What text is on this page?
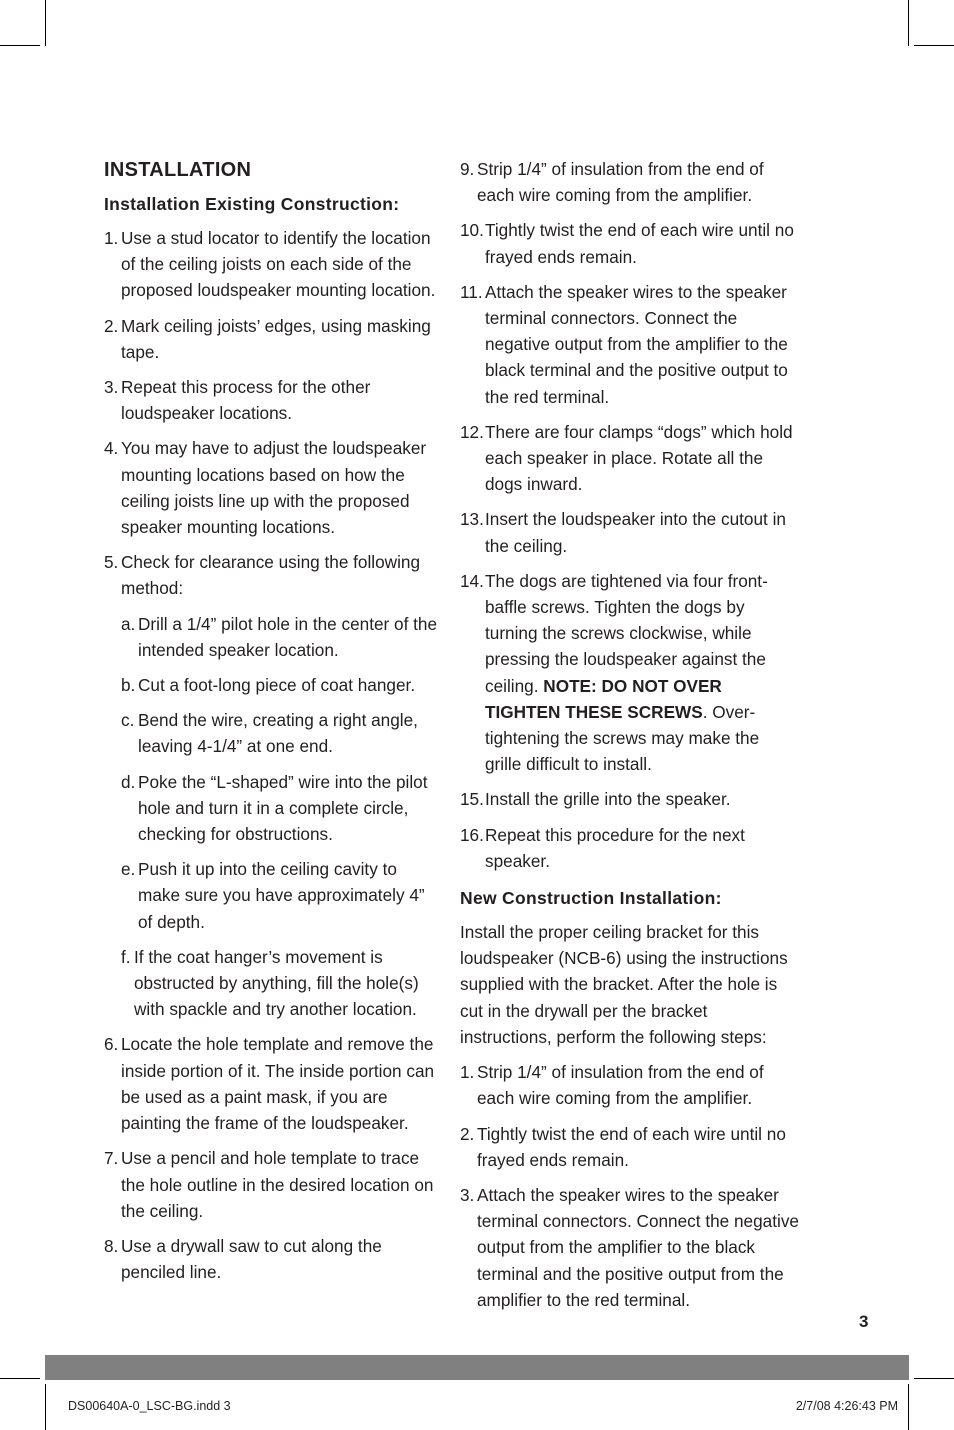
INSTALLATION
Installation Existing Construction:
1. Use a stud locator to identify the location of the ceiling joists on each side of the proposed loudspeaker mounting location.
2. Mark ceiling joists’ edges, using masking tape.
3. Repeat this process for the other loudspeaker locations.
4. You may have to adjust the loudspeaker mounting locations based on how the ceiling joists line up with the proposed speaker mounting locations.
5. Check for clearance using the following method:
a. Drill a 1/4” pilot hole in the center of the intended speaker location.
b. Cut a foot-long piece of coat hanger.
c. Bend the wire, creating a right angle, leaving 4-1/4” at one end.
d. Poke the “L-shaped” wire into the pilot hole and turn it in a complete circle, checking for obstructions.
e. Push it up into the ceiling cavity to make sure you have approximately 4” of depth.
f. If the coat hanger’s movement is obstructed by anything, fill the hole(s) with spackle and try another location.
6. Locate the hole template and remove the inside portion of it. The inside portion can be used as a paint mask, if you are painting the frame of the loudspeaker.
7. Use a pencil and hole template to trace the hole outline in the desired location on the ceiling.
8. Use a drywall saw to cut along the penciled line.
9. Strip 1/4” of insulation from the end of each wire coming from the amplifier.
10. Tightly twist the end of each wire until no frayed ends remain.
11. Attach the speaker wires to the speaker terminal connectors. Connect the negative output from the amplifier to the black terminal and the positive output to the red terminal.
12. There are four clamps “dogs” which hold each speaker in place. Rotate all the dogs inward.
13. Insert the loudspeaker into the cutout in the ceiling.
14. The dogs are tightened via four front-baffle screws. Tighten the dogs by turning the screws clockwise, while pressing the loudspeaker against the ceiling. NOTE: DO NOT OVER TIGHTEN THESE SCREWS. Over-tightening the screws may make the grille difficult to install.
15. Install the grille into the speaker.
16. Repeat this procedure for the next speaker.
New Construction Installation:
Install the proper ceiling bracket for this loudspeaker (NCB-6) using the instructions supplied with the bracket. After the hole is cut in the drywall per the bracket instructions, perform the following steps:
1. Strip 1/4” of insulation from the end of each wire coming from the amplifier.
2. Tightly twist the end of each wire until no frayed ends remain.
3. Attach the speaker wires to the speaker terminal connectors. Connect the negative output from the amplifier to the black terminal and the positive output from the amplifier to the red terminal.
3
DS00640A-0_LSC-BG.indd 3	2/7/08 4:26:43 PM
